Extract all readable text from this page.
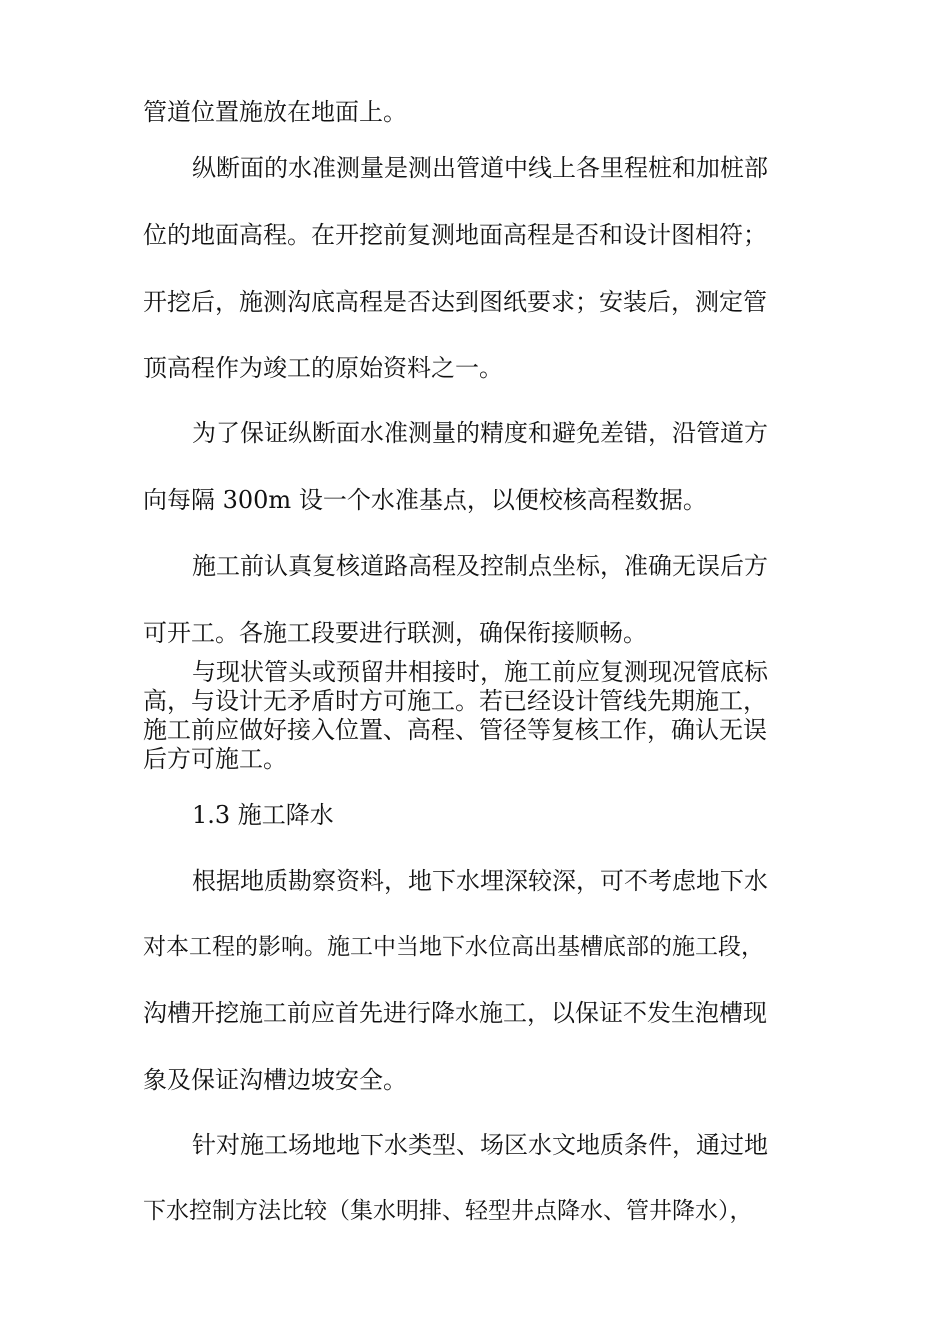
管道位置施放在地面上。
纵断面的水准测量是测出管道中线上各里程桩和加桩部
位的地面高程。在开挖前复测地面高程是否和设计图相符；
开挖后，施测沟底高程是否达到图纸要求；安装后，测定管
顶高程作为竣工的原始资料之一。
为了保证纵断面水准测量的精度和避免差错，沿管道方
向每隔 300m 设一个水准基点，以便校核高程数据。
施工前认真复核道路高程及控制点坐标，准确无误后方
可开工。各施工段要进行联测，确保衔接顺畅。
与现状管头或预留井相接时，施工前应复测现况管底标
高，与设计无矛盾时方可施工。若已经设计管线先期施工，
施工前应做好接入位置、高程、管径等复核工作，确认无误
后方可施工。
1.3 施工降水
根据地质勘察资料，地下水埋深较深，可不考虑地下水
对本工程的影响。施工中当地下水位高出基槽底部的施工段，
沟槽开挖施工前应首先进行降水施工，以保证不发生泡槽现
象及保证沟槽边坡安全。
针对施工场地地下水类型、场区水文地质条件，通过地
下水控制方法比较（集水明排、轻型井点降水、管井降水），
